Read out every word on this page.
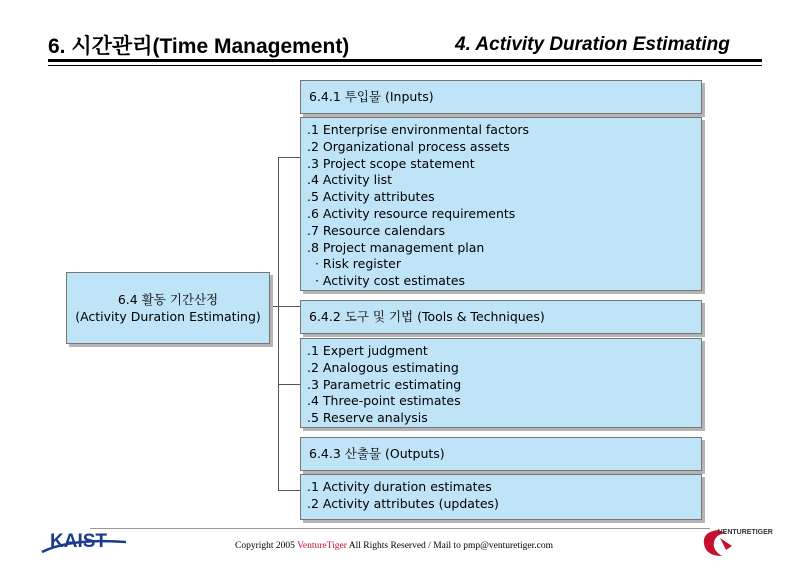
6. 시간관리(Time Management)	4. Activity Duration Estimating
6.4 활동 기간산정
(Activity Duration Estimating)
6.4.1 투입물 (Inputs)
.1 Enterprise environmental factors
.2 Organizational process assets
.3 Project scope statement
.4 Activity list
.5 Activity attributes
.6 Activity resource requirements
.7 Resource calendars
.8 Project management plan
· Risk register
· Activity cost estimates
6.4.2 도구 및 기법 (Tools & Techniques)
.1 Expert judgment
.2 Analogous estimating
.3 Parametric estimating
.4 Three-point estimates
.5 Reserve analysis
6.4.3 산출물 (Outputs)
.1 Activity duration estimates
.2 Activity attributes (updates)
KAIST	Copyright 2005 VentureTiger All Rights Reserved / Mail to pmp@venturetiger.com
VENTURETIGER
